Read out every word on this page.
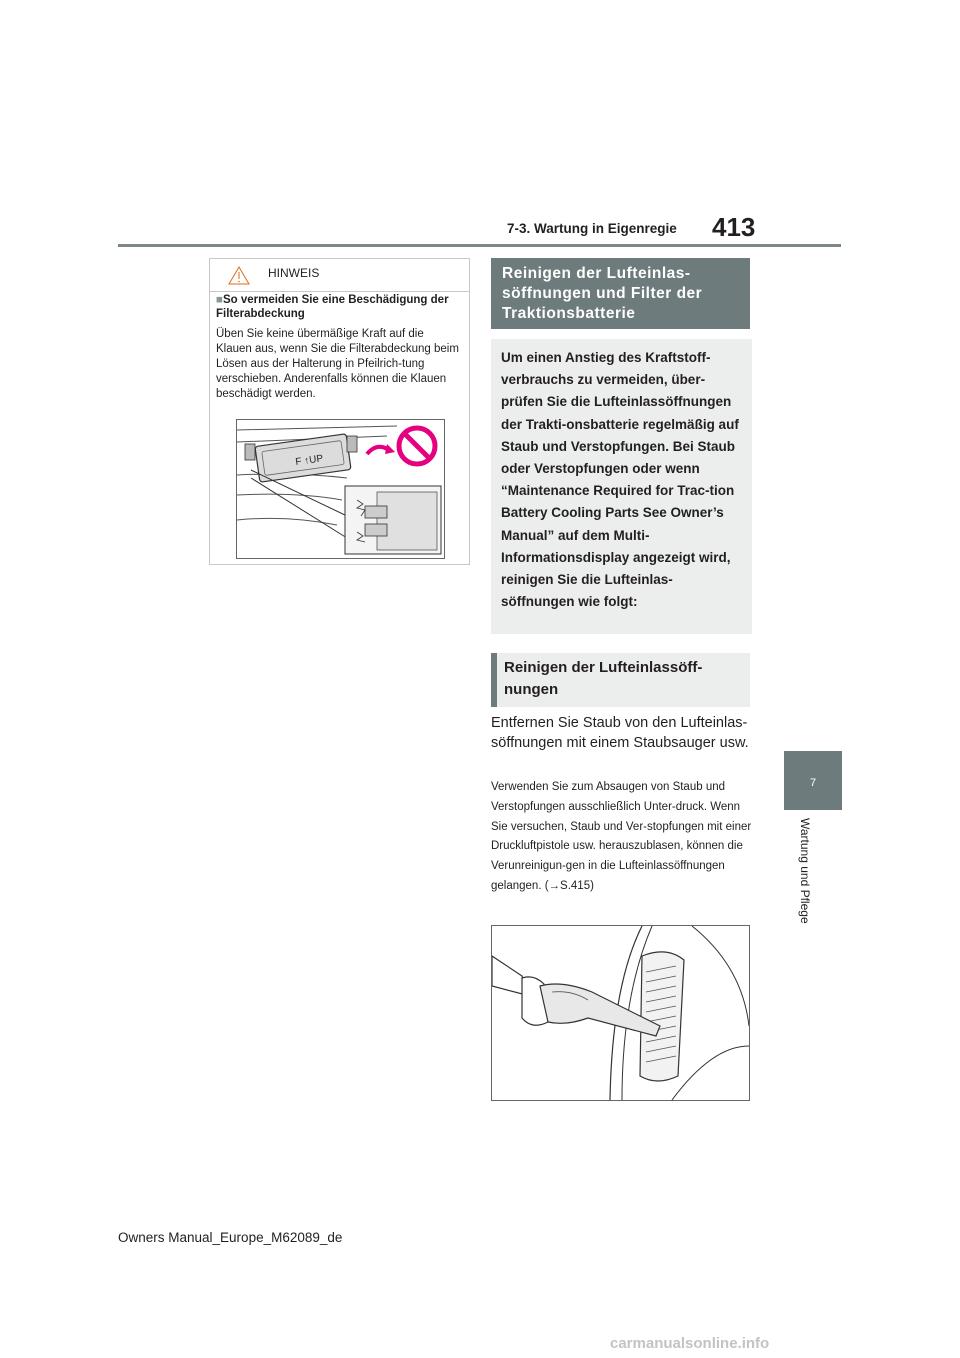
7-3. Wartung in Eigenregie 413
7
Wartung und Pflege
HINWEIS
■So vermeiden Sie eine Beschädigung der Filterabdeckung
Üben Sie keine übermäßige Kraft auf die Klauen aus, wenn Sie die Filterabdeckung beim Lösen aus der Halterung in Pfeilrich-tung verschieben. Anderenfalls können die Klauen beschädigt werden.
F ↑UP
Reinigen der Lufteinlas-söffnungen und Filter der Traktionsbatterie
Um einen Anstieg des Kraftstoff-verbrauchs zu vermeiden, über-prüfen Sie die Lufteinlassöffnungen der Trakti-onsbatterie regelmäßig auf Staub und Verstopfungen. Bei Staub oder Verstopfungen oder wenn “Maintenance Required for Trac-tion Battery Cooling Parts See Owner’s Manual” auf dem Multi-Informationsdisplay angezeigt wird, reinigen Sie die Lufteinlas-söffnungen wie folgt:
Reinigen der Lufteinlassöff-nungen
Entfernen Sie Staub von den Lufteinlas-söffnungen mit einem Staubsauger usw.
Verwenden Sie zum Absaugen von Staub und Verstopfungen ausschließlich Unter-druck. Wenn Sie versuchen, Staub und Ver-stopfungen mit einer Druckluftpistole usw. herauszublasen, können die Verunreinigun-gen in die Lufteinlassöffnungen gelangen. (→S.415)
Owners Manual_Europe_M62089_de
carmanualsonline.info
